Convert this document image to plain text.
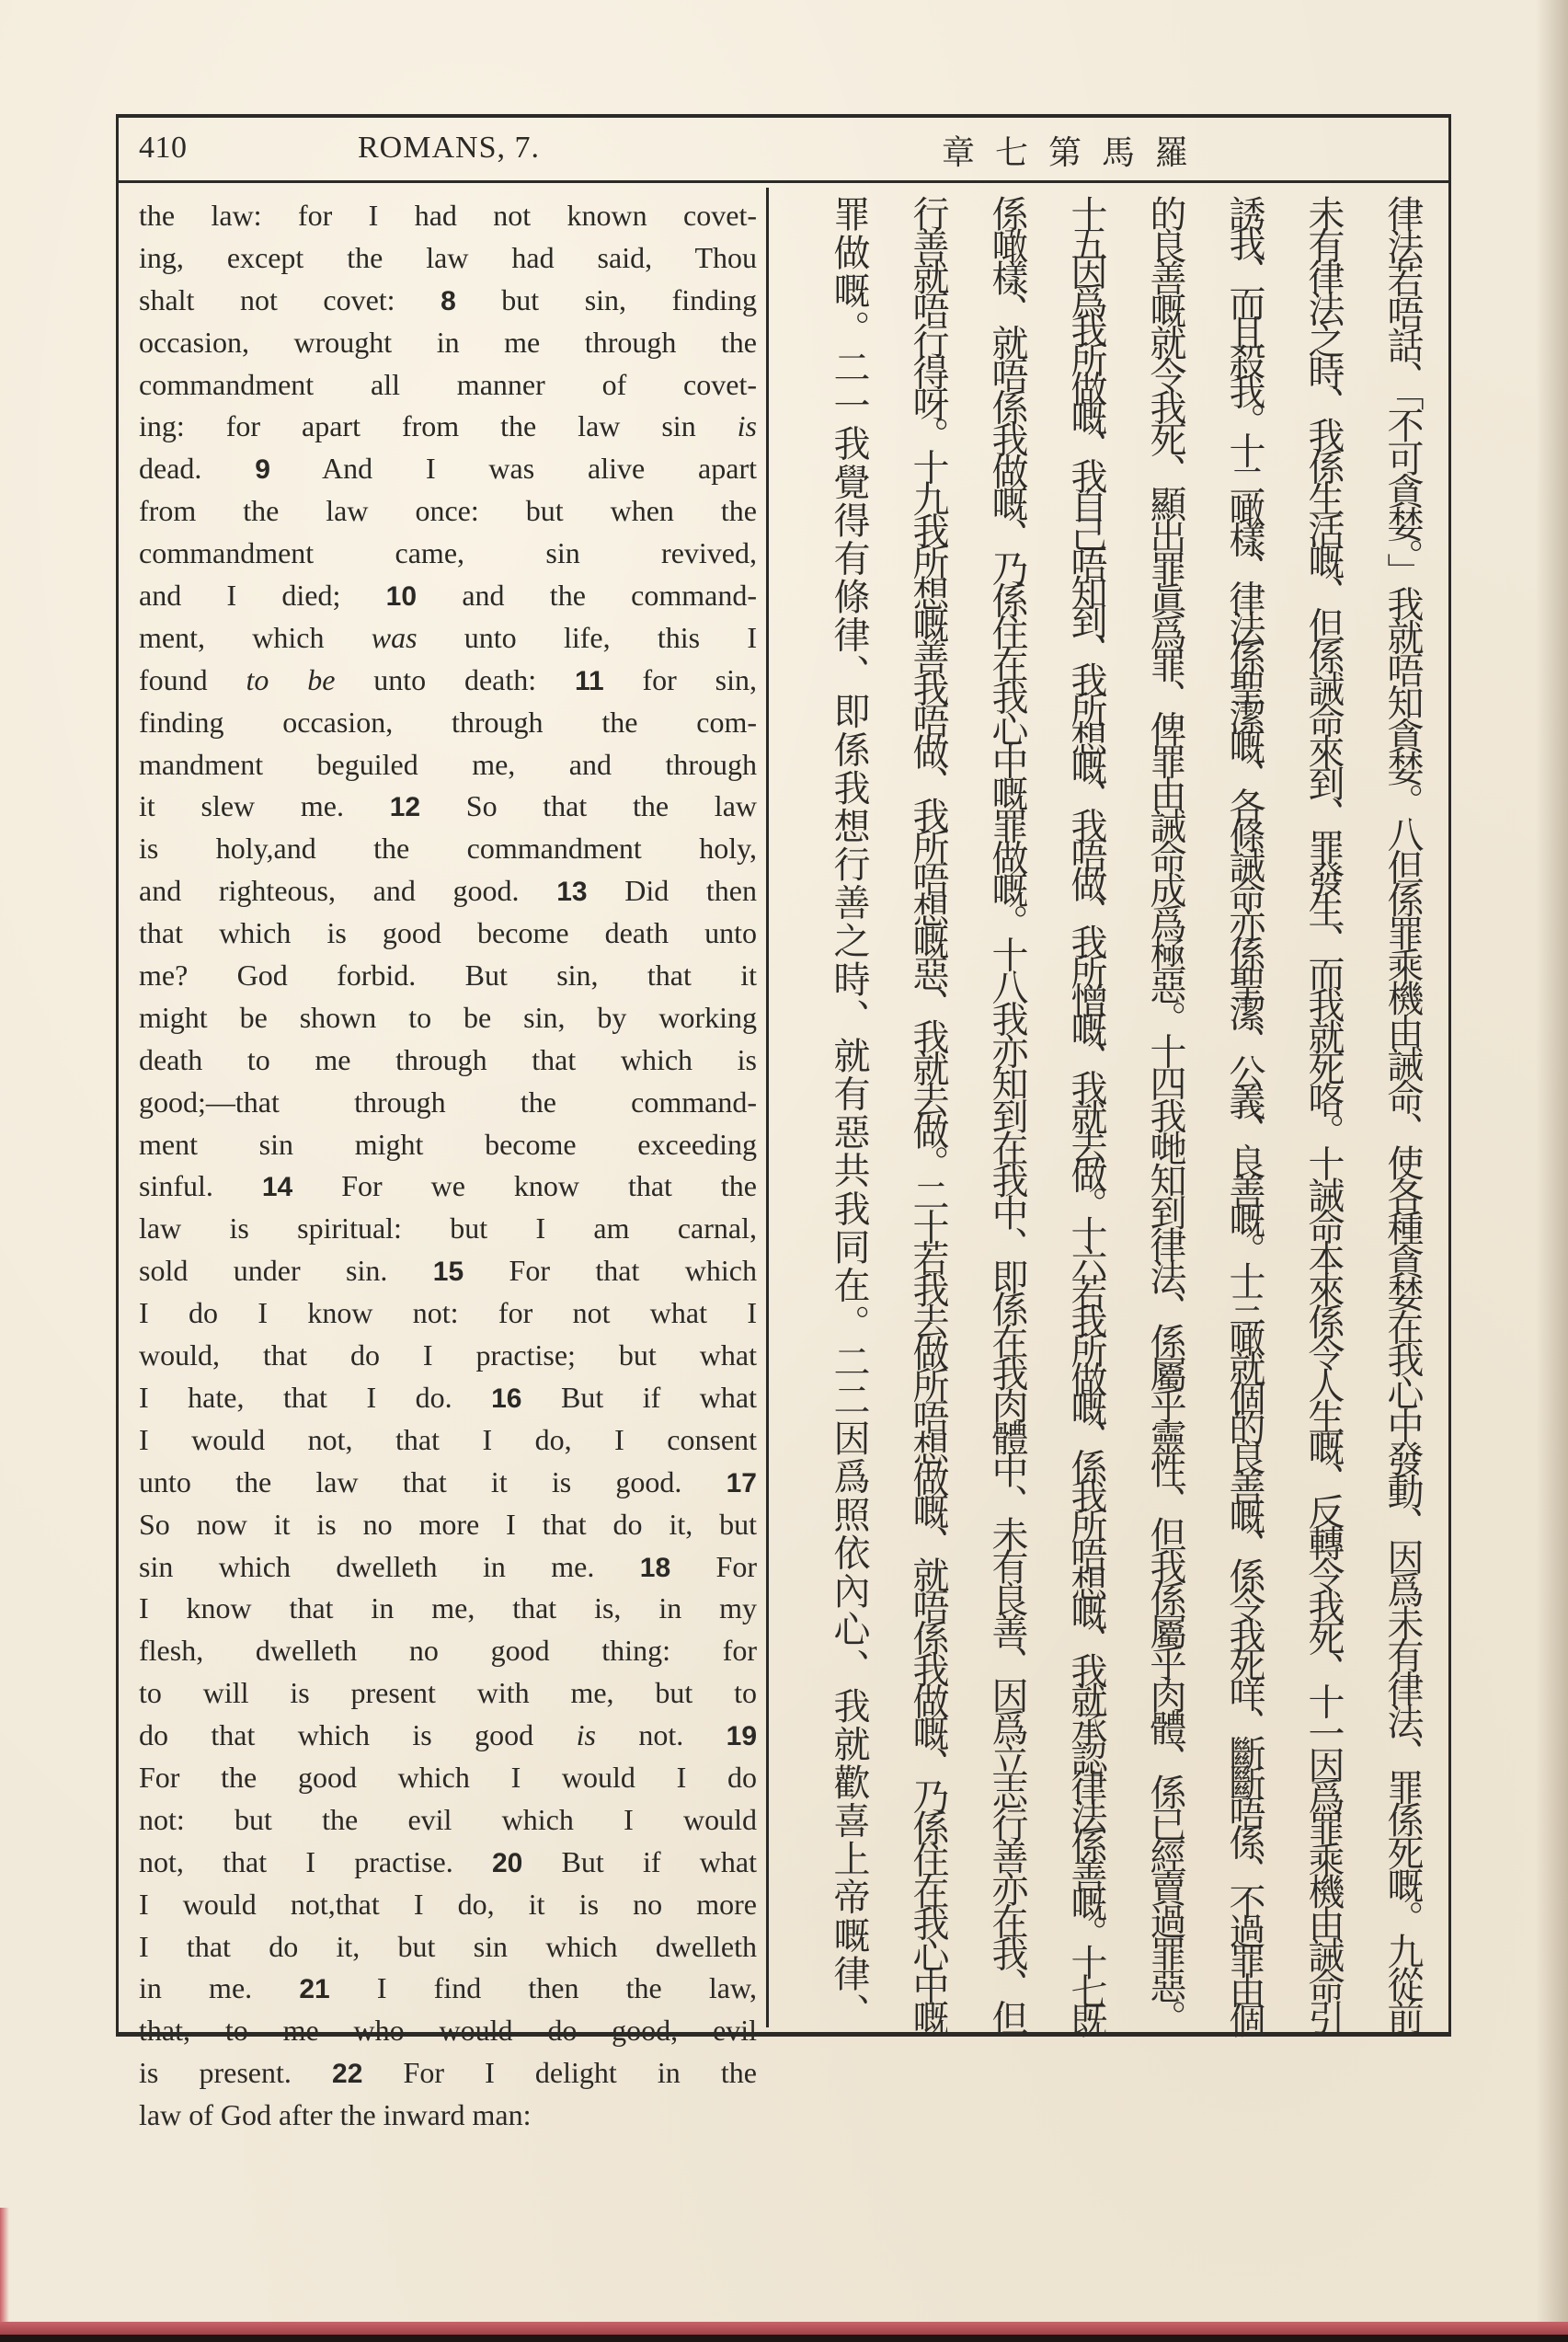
410	ROMANS, 7.	章七第馬羅
the law: for I had not known covet-
ing, except the law had said, Thou
shalt not covet: 8 but sin, finding
occasion, wrought in me through the
commandment all manner of covet-
ing: for apart from the law sin is
dead. 9 And I was alive apart
from the law once: but when the
commandment came, sin revived,
and I died; 10 and the command-
ment, which was unto life, this I
found to be unto death: 11 for sin,
finding occasion, through the com-
mandment beguiled me, and through
it slew me. 12 So that the law
is holy,and the commandment holy,
and righteous, and good. 13 Did then
that which is good become death unto
me? God forbid. But sin, that it
might be shown to be sin, by working
death to me through that which is
good;—that through the command-
ment sin might become exceeding
sinful. 14 For we know that the
law is spiritual: but I am carnal,
sold under sin. 15 For that which
I do I know not: for not what I
would, that do I practise; but what
I hate, that I do. 16 But if what
I would not, that I do, I consent
unto the law that it is good. 17
So now it is no more I that do it, but
sin which dwelleth in me. 18 For
I know that in me, that is, in my
flesh, dwelleth no good thing: for
to will is present with me, but to
do that which is good is not. 19
For the good which I would I do
not: but the evil which I would
not, that I practise. 20 But if what
I would not,that I do, it is no more
I that do it, but sin which dwelleth
in me. 21 I find then the law,
that, to me who would do good, evil
is present. 22 For I delight in the
law of God after the inward man:
律法若唔話、「不可貪婪。」我就唔知貪婪。八但係罪乘機由誡命、使各種貪婪在我心中發動、因爲未有律法、罪係死嘅。九從前
未有律法之時、我係生活嘅、但係誡命來到、罪發生、而我就死咯。十誡命本來係令人生嘅、反轉令我死、十一因爲罪乘機由誡命引
誘我、而且殺我。十二噉樣、律法係聖潔嘅、各條誡命亦係聖潔、公義、良善嘅。十三噉就個的良善嘅、係令我死咩、斷斷唔係、不過罪由個
的良善嘅就令我死、顯出罪眞爲罪、俾罪由誡命成爲極惡。十四我哋知到律法、係屬乎靈性、但我係屬乎肉體、係已經賣過罪惡。
十五因爲我所做嘅、我自己唔知到、我所想嘅、我唔做、我所憎嘅、我就去做。十六若我所做嘅、係我所唔想嘅、我就承認律法係善嘅。十七既
係噉樣、就唔係我做嘅、乃係住在我心中嘅罪做嘅。十八我亦知到在我中、即係在我肉體中、未有良善、因爲立志行善亦在我、但
行善就唔行得呀。十九我所想嘅善我唔做、我所唔想嘅惡、我就去做。二十若我去做所唔想做嘅、就唔係我做嘅、乃係住在我心中嘅
罪做嘅。二一我覺得有條律、即係我想行善之時、就有惡共我同在。二二因爲照依內心、我就歡喜上帝嘅律、
